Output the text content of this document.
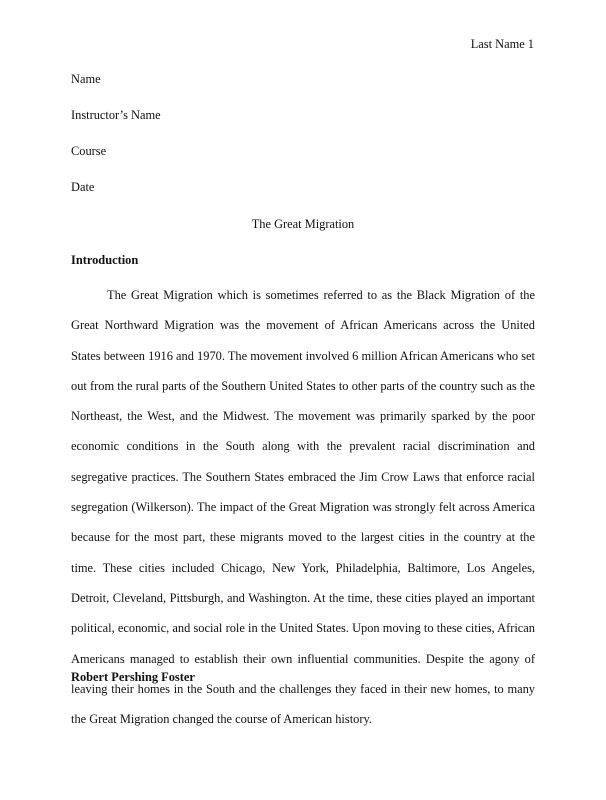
Last Name 1
Name
Instructor’s Name
Course
Date
The Great Migration
Introduction

The Great Migration which is sometimes referred to as the Black Migration of the Great Northward Migration was the movement of African Americans across the United States between 1916 and 1970. The movement involved 6 million African Americans who set out from the rural parts of the Southern United States to other parts of the country such as the Northeast, the West, and the Midwest. The movement was primarily sparked by the poor economic conditions in the South along with the prevalent racial discrimination and segregative practices. The Southern States embraced the Jim Crow Laws that enforce racial segregation (Wilkerson). The impact of the Great Migration was strongly felt across America because for the most part, these migrants moved to the largest cities in the country at the time. These cities included Chicago, New York, Philadelphia, Baltimore, Los Angeles, Detroit, Cleveland, Pittsburgh, and Washington. At the time, these cities played an important political, economic, and social role in the United States. Upon moving to these cities, African Americans managed to establish their own influential communities. Despite the agony of leaving their homes in the South and the challenges they faced in their new homes, to many the Great Migration changed the course of American history.

Robert Pershing Foster
